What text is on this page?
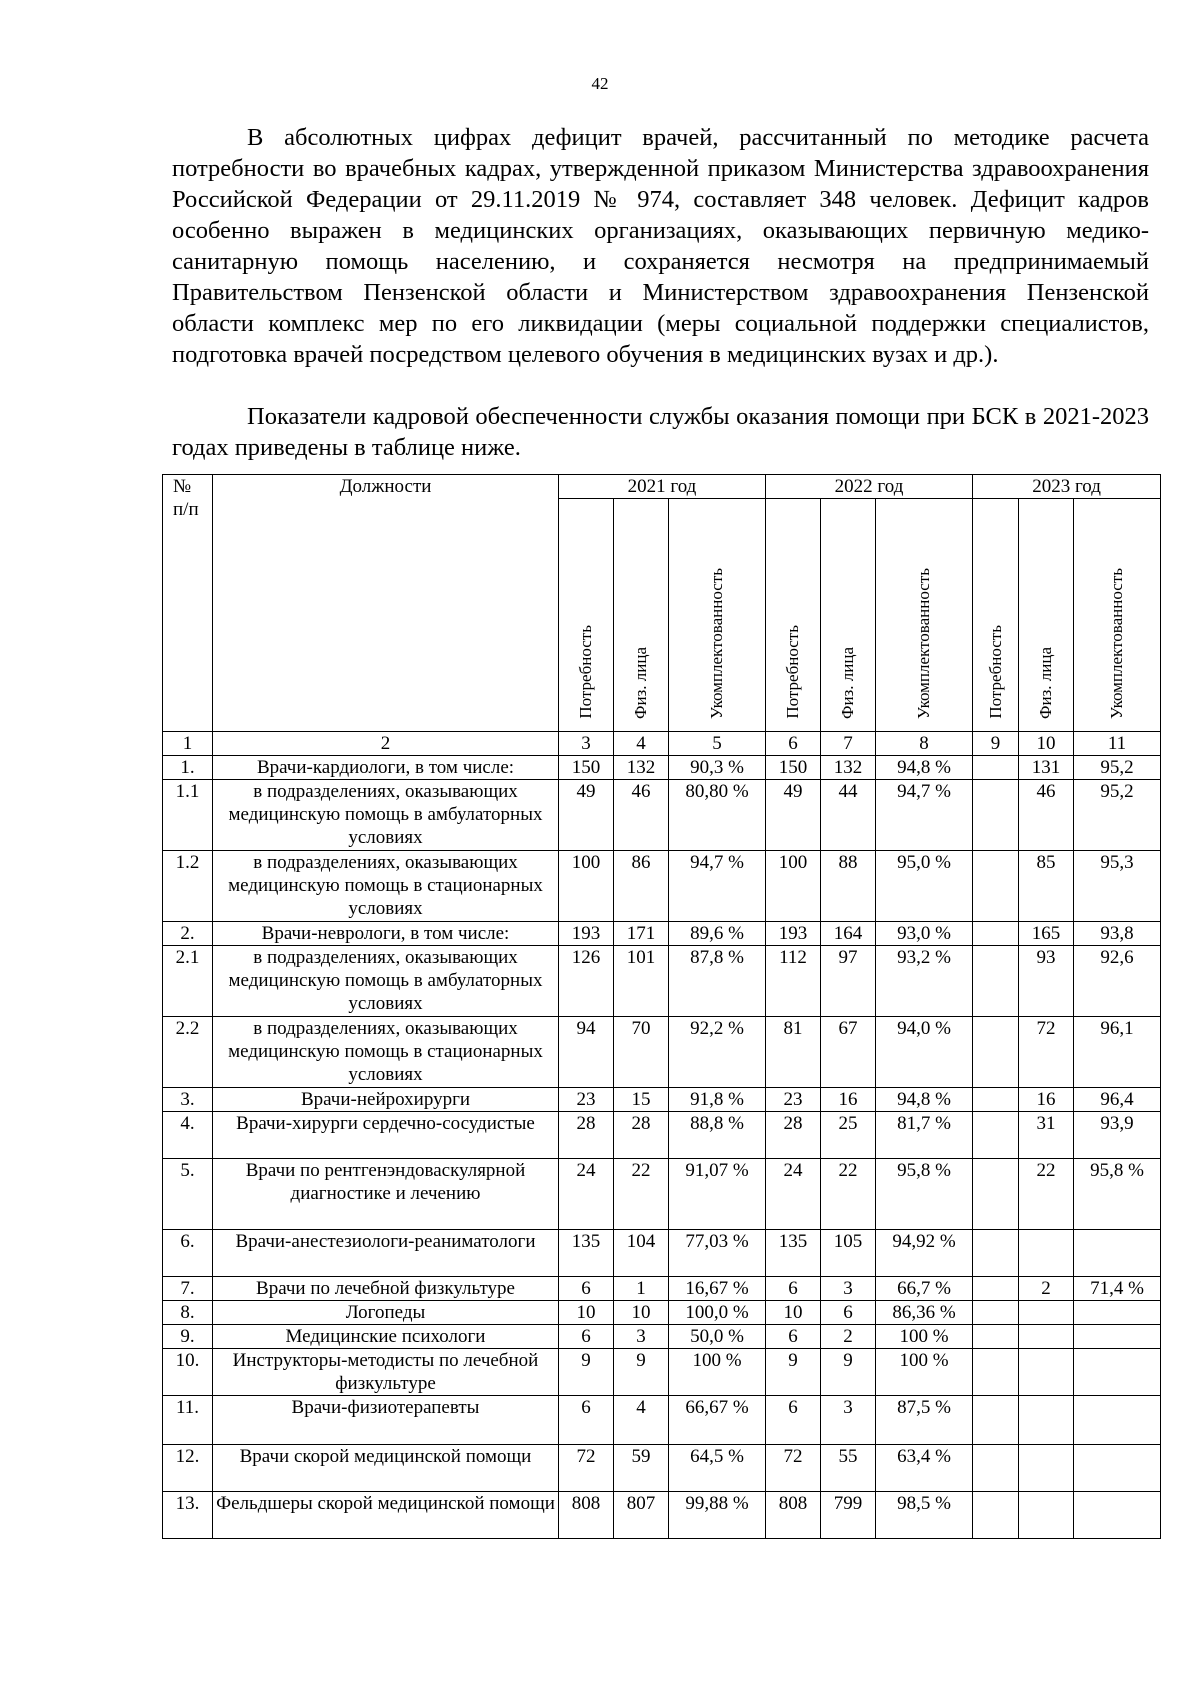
42

В абсолютных цифрах дефицит врачей, рассчитанный по методике расчета потребности во врачебных кадрах, утвержденной приказом Министерства здравоохранения Российской Федерации от 29.11.2019 № 974, составляет 348 человек. Дефицит кадров особенно выражен в медицинских организациях, оказывающих первичную медико-санитарную помощь населению, и сохраняется несмотря на предпринимаемый Правительством Пензенской области и Министерством здравоохранения Пензенской области комплекс мер по его ликвидации (меры социальной поддержки специалистов, подготовка врачей посредством целевого обучения в медицинских вузах и др.).

Показатели кадровой обеспеченности службы оказания помощи при БСК в 2021-2023 годах приведены в таблице ниже.

№ п/п	Должности	2021 год			2022 год			2023 год		
		Потребность	Физ. лица	Укомплектованность	Потребность	Физ. лица	Укомплектованность	Потребность	Физ. лица	Укомплектованность
1	2	3	4	5	6	7	8	9	10	11
1.	Врачи-кардиологи, в том числе:	150	132	90,3 %	150	132	94,8 %		131	95,2
1.1	в подразделениях, оказывающих медицинскую помощь в амбулаторных условиях	49	46	80,80 %	49	44	94,7 %		46	95,2
1.2	в подразделениях, оказывающих медицинскую помощь в стационарных условиях	100	86	94,7 %	100	88	95,0 %		85	95,3
2.	Врачи-неврологи, в том числе:	193	171	89,6 %	193	164	93,0 %		165	93,8
2.1	в подразделениях, оказывающих медицинскую помощь в амбулаторных условиях	126	101	87,8 %	112	97	93,2 %		93	92,6
2.2	в подразделениях, оказывающих медицинскую помощь в стационарных условиях	94	70	92,2 %	81	67	94,0 %		72	96,1
3.	Врачи-нейрохирурги	23	15	91,8 %	23	16	94,8 %		16	96,4
4.	Врачи-хирурги сердечно-сосудистые	28	28	88,8 %	28	25	81,7 %		31	93,9
5.	Врачи по рентгенэндоваскулярной диагностике и лечению	24	22	91,07 %	24	22	95,8 %		22	95,8 %
6.	Врачи-анестезиологи-реаниматологи	135	104	77,03 %	135	105	94,92 %			
7.	Врачи по лечебной физкультуре	6	1	16,67 %	6	3	66,7 %		2	71,4 %
8.	Логопеды	10	10	100,0 %	10	6	86,36 %			
9.	Медицинские психологи	6	3	50,0 %	6	2	100 %			
10.	Инструкторы-методисты по лечебной физкультуре	9	9	100 %	9	9	100 %			
11.	Врачи-физиотерапевты	6	4	66,67 %	6	3	87,5 %			
12.	Врачи скорой медицинской помощи	72	59	64,5 %	72	55	63,4 %			
13.	Фельдшеры скорой медицинской помощи	808	807	99,88 %	808	799	98,5 %			
